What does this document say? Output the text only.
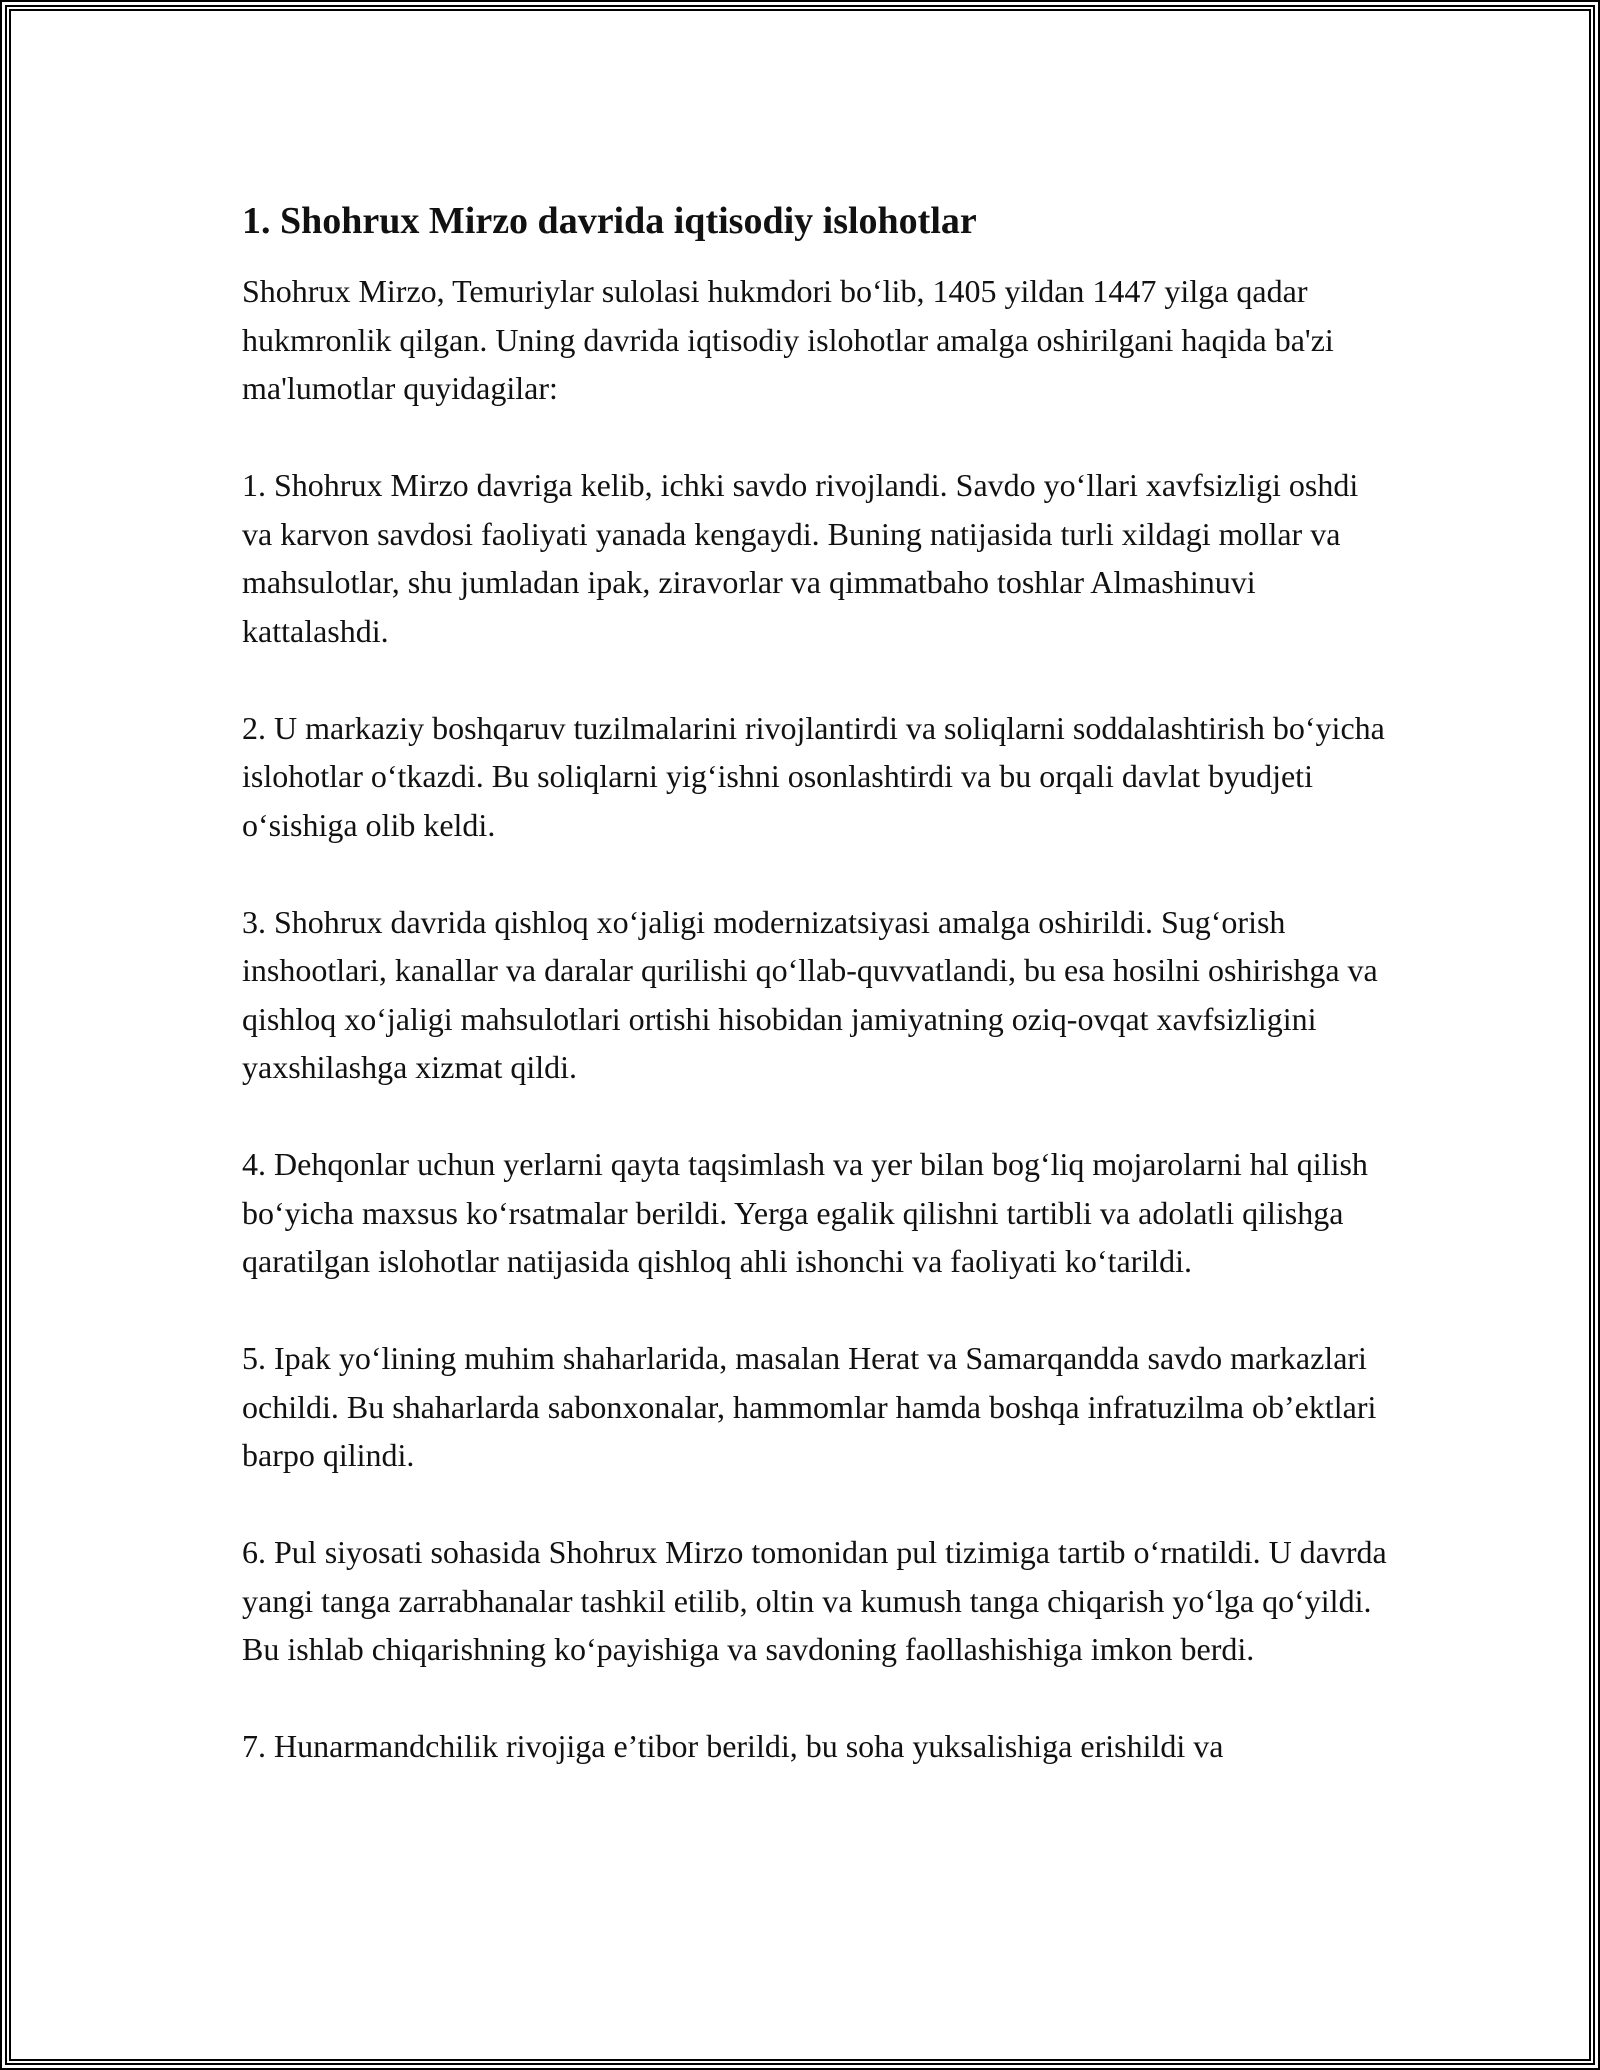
1. Shohrux Mirzo davrida iqtisodiy islohotlar

Shohrux Mirzo, Temuriylar sulolasi hukmdori bo‘lib, 1405 yildan 1447 yilga qadar hukmronlik qilgan. Uning davrida iqtisodiy islohotlar amalga oshirilgani haqida ba'zi ma'lumotlar quyidagilar:

1. Shohrux Mirzo davriga kelib, ichki savdo rivojlandi. Savdo yo‘llari xavfsizligi oshdi va karvon savdosi faoliyati yanada kengaydi. Buning natijasida turli xildagi mollar va mahsulotlar, shu jumladan ipak, ziravorlar va qimmatbaho toshlar Almashinuvi kattalashdi.

2. U markaziy boshqaruv tuzilmalarini rivojlantirdi va soliqlarni soddalashtirish bo‘yicha islohotlar o‘tkazdi. Bu soliqlarni yig‘ishni osonlashtirdi va bu orqali davlat byudjeti o‘sishiga olib keldi.

3. Shohrux davrida qishloq xo‘jaligi modernizatsiyasi amalga oshirildi. Sug‘orish inshootlari, kanallar va daralar qurilishi qo‘llab-quvvatlandi, bu esa hosilni oshirishga va qishloq xo‘jaligi mahsulotlari ortishi hisobidan jamiyatning oziq-ovqat xavfsizligini yaxshilashga xizmat qildi.

4. Dehqonlar uchun yerlarni qayta taqsimlash va yer bilan bog‘liq mojarolarni hal qilish bo‘yicha maxsus ko‘rsatmalar berildi. Yerga egalik qilishni tartibli va adolatli qilishga qaratilgan islohotlar natijasida qishloq ahli ishonchi va faoliyati ko‘tarildi.

5. Ipak yo‘lining muhim shaharlarida, masalan Herat va Samarqandda savdo markazlari ochildi. Bu shaharlarda sabonxonalar, hammomlar hamda boshqa infratuzilma ob’ektlari barpo qilindi.

6. Pul siyosati sohasida Shohrux Mirzo tomonidan pul tizimiga tartib o‘rnatildi. U davrda yangi tanga zarrabhanalar tashkil etilib, oltin va kumush tanga chiqarish yo‘lga qo‘yildi. Bu ishlab chiqarishning ko‘payishiga va savdoning faollashishiga imkon berdi.

7. Hunarmandchilik rivojiga e’tibor berildi, bu soha yuksalishiga erishildi va
